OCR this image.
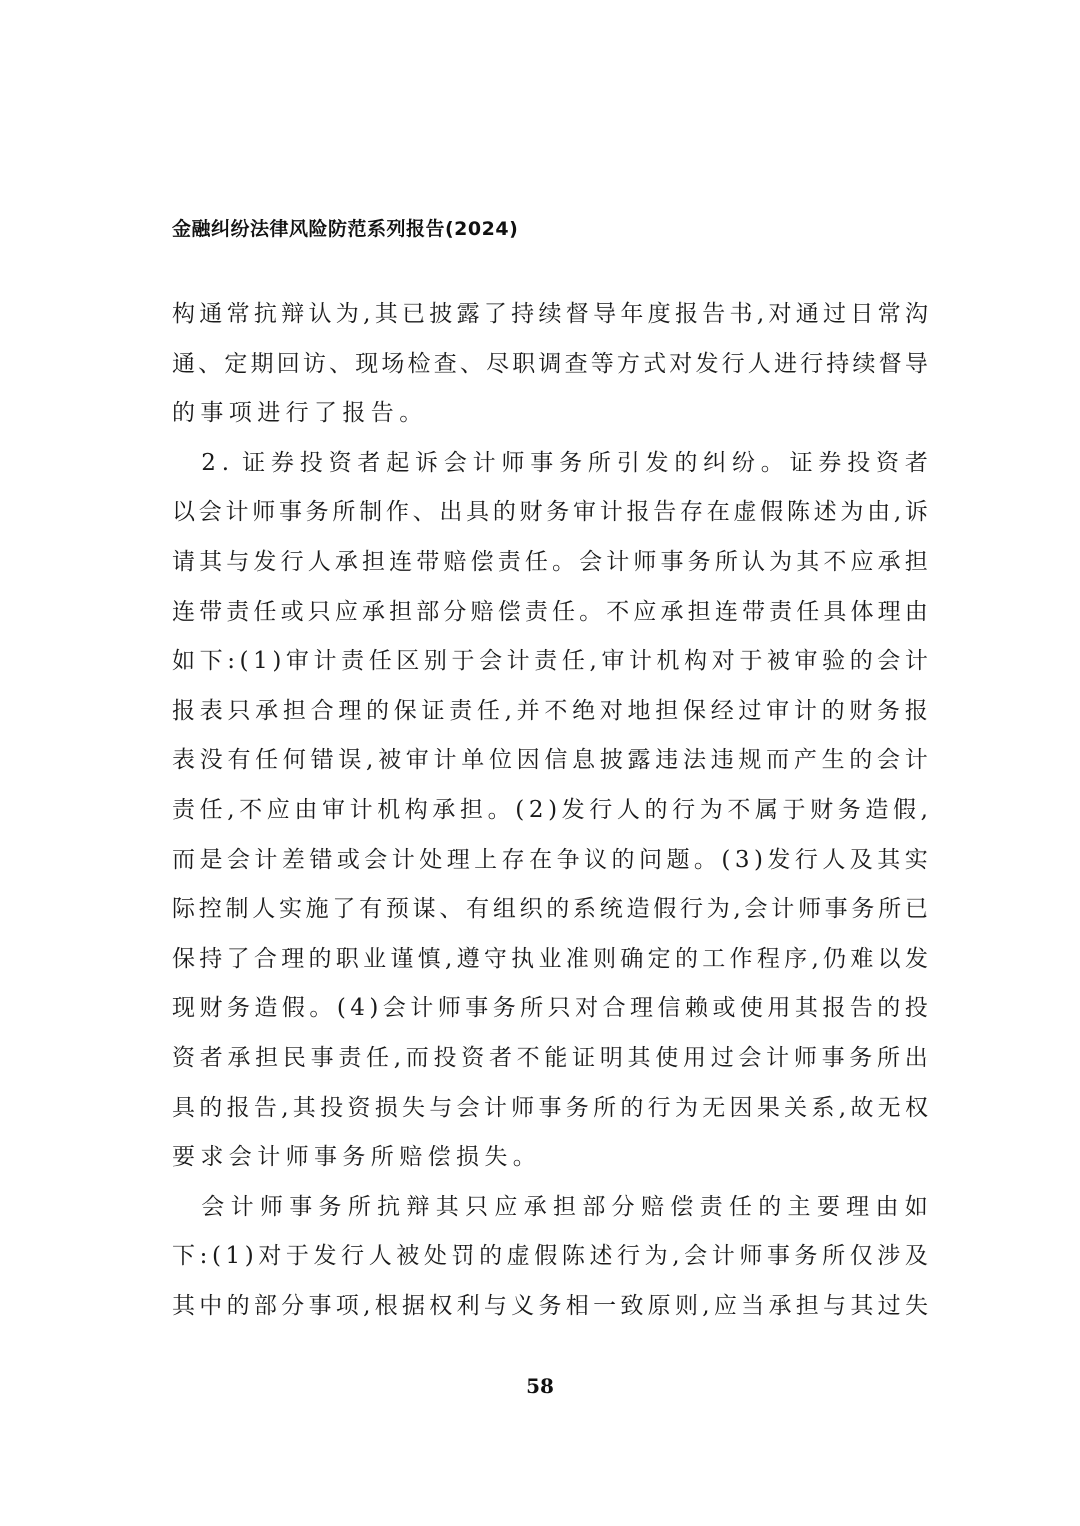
金融纠纷法律风险防范系列报告(2024)
构 通 常 抗 辩 认 为 , 其 已 披 露 了 持 续 督 导 年 度 报 告 书 , 对 通 过 日 常 沟
通 、 定 期 回 访 、 现 场 检 查 、 尽 职 调 查 等 方 式 对 发 行 人 进 行 持 续 督 导
的事项进行了报告。
2 . 证 券 投 资 者 起 诉 会 计 师 事 务 所 引 发 的 纠 纷 。 证 券 投 资 者
以 会 计 师 事 务 所 制 作 、 出 具 的 财 务 审 计 报 告 存 在 虚 假 陈 述 为 由 , 诉
请 其 与 发 行 人 承 担 连 带 赔 偿 责 任 。 会 计 师 事 务 所 认 为 其 不 应 承 担
连 带 责 任 或 只 应 承 担 部 分 赔 偿 责 任 。 不 应 承 担 连 带 责 任 具 体 理 由
如 下 : ( 1 ) 审 计 责 任 区 别 于 会 计 责 任 , 审 计 机 构 对 于 被 审 验 的 会 计
报 表 只 承 担 合 理 的 保 证 责 任 , 并 不 绝 对 地 担 保 经 过 审 计 的 财 务 报
表 没 有 任 何 错 误 , 被 审 计 单 位 因 信 息 披 露 违 法 违 规 而 产 生 的 会 计
责 任 , 不 应 由 审 计 机 构 承 担 。 ( 2 ) 发 行 人 的 行 为 不 属 于 财 务 造 假 ,
而 是 会 计 差 错 或 会 计 处 理 上 存 在 争 议 的 问 题 。 ( 3 ) 发 行 人 及 其 实
际 控 制 人 实 施 了 有 预 谋 、 有 组 织 的 系 统 造 假 行 为 , 会 计 师 事 务 所 已
保 持 了 合 理 的 职 业 谨 慎 , 遵 守 执 业 准 则 确 定 的 工 作 程 序 , 仍 难 以 发
现 财 务 造 假 。 ( 4 ) 会 计 师 事 务 所 只 对 合 理 信 赖 或 使 用 其 报 告 的 投
资 者 承 担 民 事 责 任 , 而 投 资 者 不 能 证 明 其 使 用 过 会 计 师 事 务 所 出
具 的 报 告 , 其 投 资 损 失 与 会 计 师 事 务 所 的 行 为 无 因 果 关 系 , 故 无 权
要求会计师事务所赔偿损失。
会 计 师 事 务 所 抗 辩 其 只 应 承 担 部 分 赔 偿 责 任 的 主 要 理 由 如
下 : ( 1 ) 对 于 发 行 人 被 处 罚 的 虚 假 陈 述 行 为 , 会 计 师 事 务 所 仅 涉 及
其 中 的 部 分 事 项 , 根 据 权 利 与 义 务 相 一 致 原 则 , 应 当 承 担 与 其 过 失
58
